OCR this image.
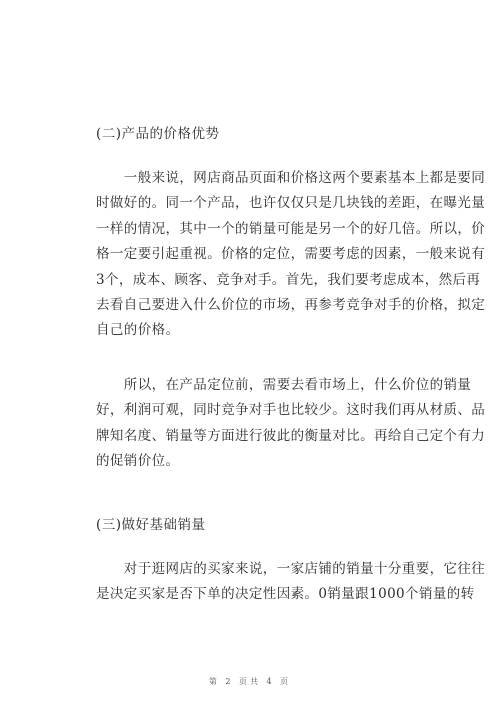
(二)产品的价格优势
　　一般来说，网店商品页面和价格这两个要素基本上都是要同
时做好的。同一个产品，也许仅仅只是几块钱的差距，在曝光量
一样的情况，其中一个的销量可能是另一个的好几倍。所以，价
格一定要引起重视。价格的定位，需要考虑的因素，一般来说有
3个，成本、顾客、竞争对手。首先，我们要考虑成本，然后再
去看自己要进入什么价位的市场，再参考竞争对手的价格，拟定
自己的价格。
　　所以，在产品定位前，需要去看市场上，什么价位的销量
好，利润可观，同时竞争对手也比较少。这时我们再从材质、品
牌知名度、销量等方面进行彼此的衡量对比。再给自己定个有力
的促销价位。
(三)做好基础销量
　　对于逛网店的买家来说，一家店铺的销量十分重要，它往往
是决定买家是否下单的决定性因素。0销量跟1000个销量的转
第 2 页共 4 页
